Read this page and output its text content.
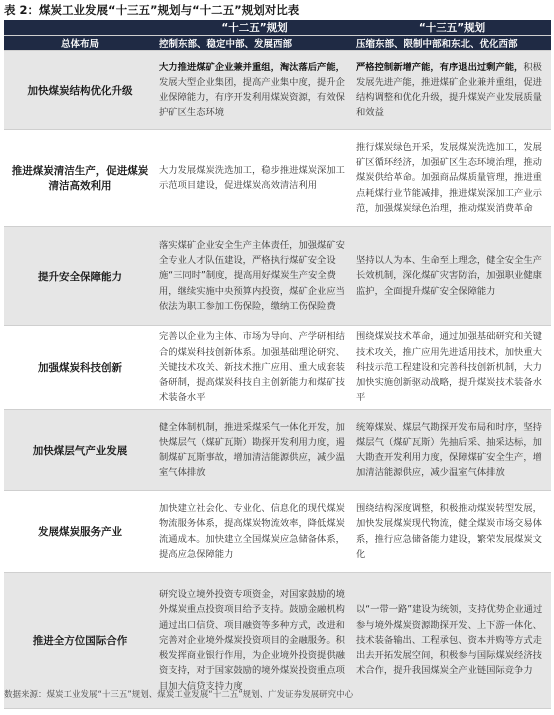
表 2：煤炭工业发展“十三五”规划与“十二五”规划对比表
	“十二五”规划	“十三五”规划
总体布局	控制东部、稳定中部、发展西部	压缩东部、限制中部和东北、优化西部
加快煤炭结构优化升级	大力推进煤矿企业兼并重组，淘汰落后产能，发展大型企业集团，提高产业集中度，提升企业保障能力，有序开发利用煤炭资源，有效保护矿区生态环境	严格控制新增产能，有序退出过剩产能，积极发展先进产能，推进煤矿企业兼并重组，促进结构调整和优化升级，提升煤炭产业发展质量和效益
推进煤炭清洁生产，促进煤炭清洁高效利用	大力发展煤炭洗选加工，稳步推进煤炭深加工示范项目建设，促进煤炭高效清洁利用	推行煤炭绿色开采，发展煤炭洗选加工，发展矿区循环经济，加强矿区生态环境治理，推动煤炭供给革命。加强商品煤质量管理，推进重点耗煤行业节能减排，推进煤炭深加工产业示范，加强煤炭绿色治理，推动煤炭消费革命
提升安全保障能力	落实煤矿企业安全生产主体责任，加强煤矿安全专业人才队伍建设，严格执行煤矿安全设施“三同时”制度，提高用好煤炭生产安全费用，继续实施中央预算内投资，煤矿企业应当依法为职工参加工伤保险，缴纳工伤保险费	坚持以人为本、生命至上理念，健全安全生产长效机制，深化煤矿灾害防治，加强职业健康监护，全面提升煤矿安全保障能力
加强煤炭科技创新	完善以企业为主体、市场为导向、产学研相结合的煤炭科技创新体系。加强基础理论研究、关键技术攻关、新技术推广应用、重大成套装备研制，提高煤炭科技自主创新能力和煤矿技术装备水平	围绕煤炭技术革命，通过加强基础研究和关键技术攻关，推广应用先进适用技术，加快重大科技示范工程建设和完善科技创新机制，大力加快实施创新驱动战略，提升煤炭技术装备水平
加快煤层气产业发展	健全体制机制，推进采煤采气一体化开发，加快煤层气（煤矿瓦斯）勘探开发利用力度，遏制煤矿瓦斯事故，增加清洁能源供应，减少温室气体排放	统筹煤炭、煤层气勘探开发布局和时序，坚持煤层气（煤矿瓦斯）先抽后采、抽采达标，加大勘查开发利用力度，保障煤矿安全生产，增加清洁能源供应，减少温室气体排放
发展煤炭服务产业	加快建立社会化、专业化、信息化的现代煤炭物流服务体系，提高煤炭物流效率，降低煤炭流通成本。加快建立全国煤炭应急储备体系，提高应急保障能力	围绕结构深度调整，积极推动煤炭转型发展，加快发展煤炭现代物流，健全煤炭市场交易体系，推行应急储备能力建设，繁荣发展煤炭文化
推进全方位国际合作	研究设立境外投资专项资金，对国家鼓励的境外煤炭重点投资项目给予支持。鼓励金融机构通过出口信贷、项目融资等多种方式，改进和完善对企业境外煤炭投资项目的金融服务。积极发挥商业银行作用，为企业境外投资提供融资支持，对于国家鼓励的境外煤炭投资重点项目加大信贷支持力度	以“一带一路”建设为统领，支持优势企业通过参与境外煤炭资源勘探开发、上下游一体化、技术装备输出、工程承包、资本并购等方式走出去开拓发展空间，积极参与国际煤炭经济技术合作，提升我国煤炭全产业链国际竞争力
数据来源：煤炭工业发展“十三五”规划、煤炭工业发展“十二五”规划、广发证券发展研究中心
